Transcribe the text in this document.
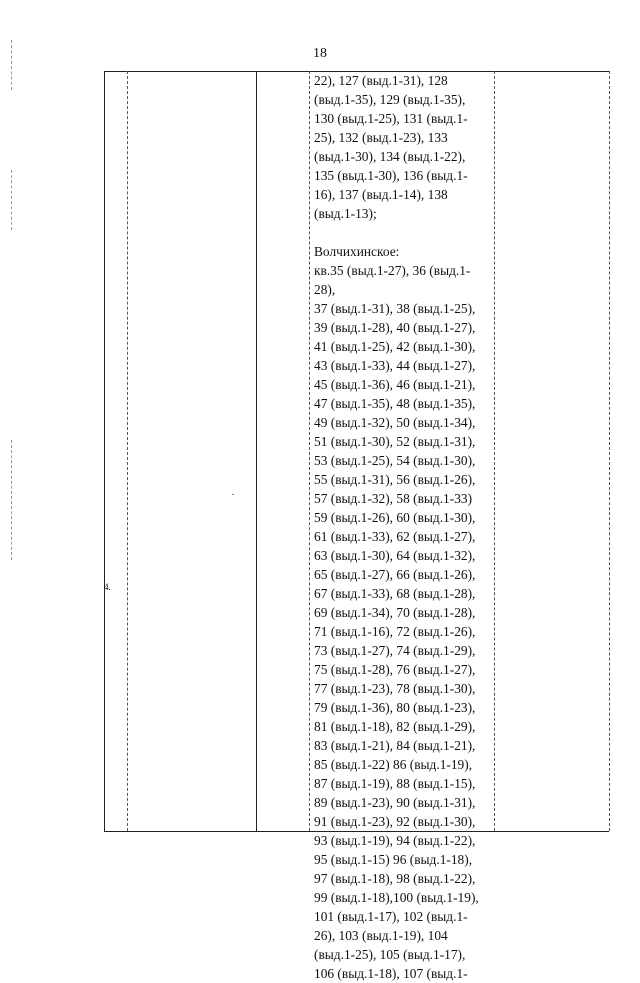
18
22), 127 (выд.1-31), 128
(выд.1-35), 129 (выд.1-35),
130 (выд.1-25), 131 (выд.1-
25), 132 (выд.1-23), 133
(выд.1-30), 134 (выд.1-22),
135 (выд.1-30), 136 (выд.1-
16), 137 (выд.1-14), 138
(выд.1-13);
Волчихинское:
кв.35 (выд.1-27), 36 (выд.1-
28),
37 (выд.1-31), 38 (выд.1-25),
39 (выд.1-28), 40 (выд.1-27),
41 (выд.1-25), 42 (выд.1-30),
43 (выд.1-33), 44 (выд.1-27),
45 (выд.1-36), 46 (выд.1-21),
47 (выд.1-35), 48 (выд.1-35),
49 (выд.1-32), 50 (выд.1-34),
51 (выд.1-30), 52 (выд.1-31),
53 (выд.1-25), 54 (выд.1-30),
55 (выд.1-31), 56 (выд.1-26),
57 (выд.1-32), 58 (выд.1-33)
59 (выд.1-26), 60 (выд.1-30),
61 (выд.1-33), 62 (выд.1-27),
63 (выд.1-30), 64 (выд.1-32),
65 (выд.1-27), 66 (выд.1-26),
67 (выд.1-33), 68 (выд.1-28),
69 (выд.1-34), 70 (выд.1-28),
71 (выд.1-16), 72 (выд.1-26),
73 (выд.1-27), 74 (выд.1-29),
75 (выд.1-28), 76 (выд.1-27),
77 (выд.1-23), 78 (выд.1-30),
79 (выд.1-36), 80 (выд.1-23),
81 (выд.1-18), 82 (выд.1-29),
83 (выд.1-21), 84 (выд.1-21),
85 (выд.1-22) 86 (выд.1-19),
87 (выд.1-19), 88 (выд.1-15),
89 (выд.1-23), 90 (выд.1-31),
91 (выд.1-23), 92 (выд.1-30),
93 (выд.1-19), 94 (выд.1-22),
95 (выд.1-15) 96 (выд.1-18),
97 (выд.1-18), 98 (выд.1-22),
99 (выд.1-18),100 (выд.1-19),
101 (выд.1-17), 102 (выд.1-
26), 103 (выд.1-19), 104
(выд.1-25), 105 (выд.1-17),
106 (выд.1-18), 107 (выд.1-
4.
